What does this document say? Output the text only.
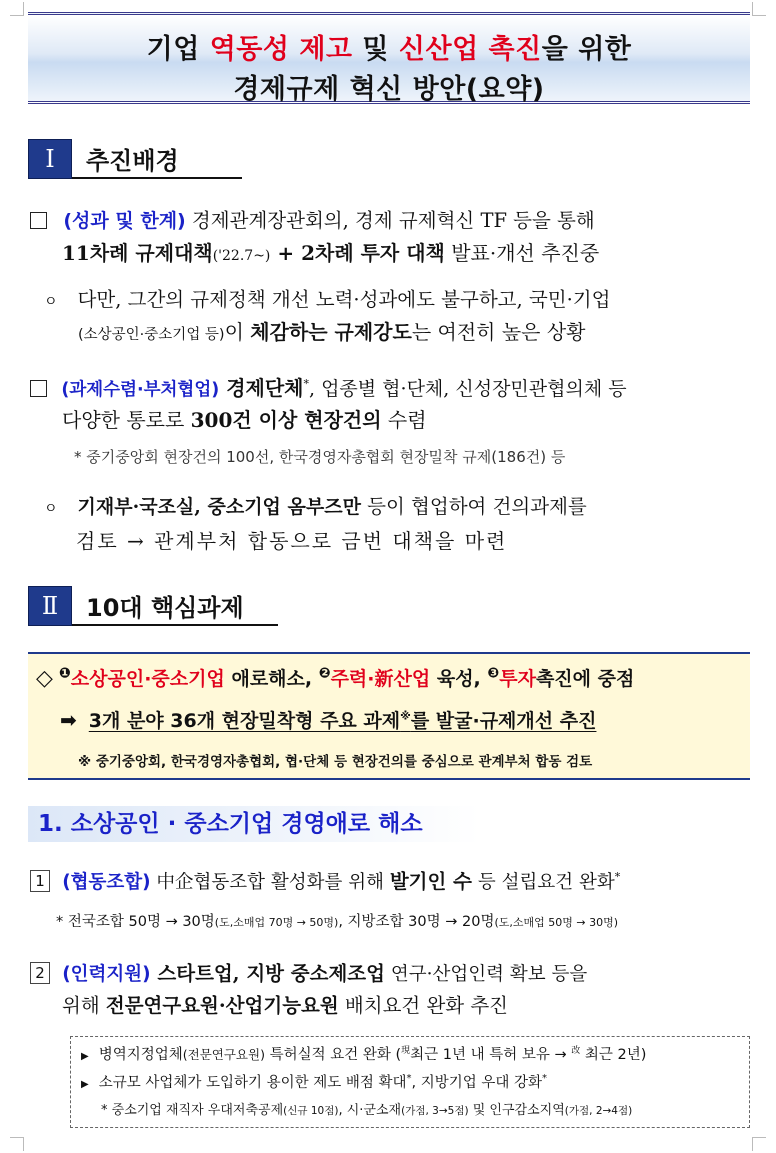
기업 역동성 제고 및 신산업 촉진을 위한
경제규제 혁신 방안(요약)
Ⅰ	추진배경
(성과 및 한계) 경제관계장관회의, 경제 규제혁신 TF 등을 통해
11차례 규제대책('22.7~) + 2차례 투자 대책 발표·개선 추진중
ㅇ 다만, 그간의 규제정책 개선 노력·성과에도 불구하고, 국민·기업
(소상공인·중소기업 등)이 체감하는 규제강도는 여전히 높은 상황
(과제수렴·부처협업) 경제단체*, 업종별 협·단체, 신성장민관협의체 등
다양한 통로로 300건 이상 현장건의 수렴
* 중기중앙회 현장건의 100선, 한국경영자총협회 현장밀착 규제(186건) 등
ㅇ 기재부·국조실, 중소기업 옴부즈만 등이 협업하여 건의과제를
검토 → 관계부처 합동으로 금번 대책을 마련
Ⅱ	10대 핵심과제
◇ $^❶$소상공인·중소기업 애로해소, $^❷$주력·新산업 육성, $^❸$투자촉진에 중점
➡ 3개 분야 36개 현장밀착형 주요 과제※를 발굴·규제개선 추진
※ 중기중앙회, 한국경영자총협회, 협·단체 등 현장건의를 중심으로 관계부처 합동 검토
1. 소상공인 · 중소기업 경영애로 해소
1 (협동조합) 中企협동조합 활성화를 위해 발기인 수 등 설립요건 완화*
* 전국조합 50명 → 30명(도,소매업 70명 → 50명), 지방조합 30명 → 20명(도,소매업 50명 → 30명)
2 (인력지원) 스타트업, 지방 중소제조업 연구·산업인력 확보 등을
위해 전문연구요원·산업기능요원 배치요건 완화 추진
▶ 병역지정업체(전문연구요원) 특허실적 요건 완화 ($^現$최근 1년 내 특허 보유 → $^改$ 최근 2년)
▶ 소규모 사업체가 도입하기 용이한 제도 배점 확대*, 지방기업 우대 강화*
* 중소기업 재직자 우대저축공제(신규 10점), 시·군소재(가점, 3→5점) 및 인구감소지역(가점, 2→4점)
